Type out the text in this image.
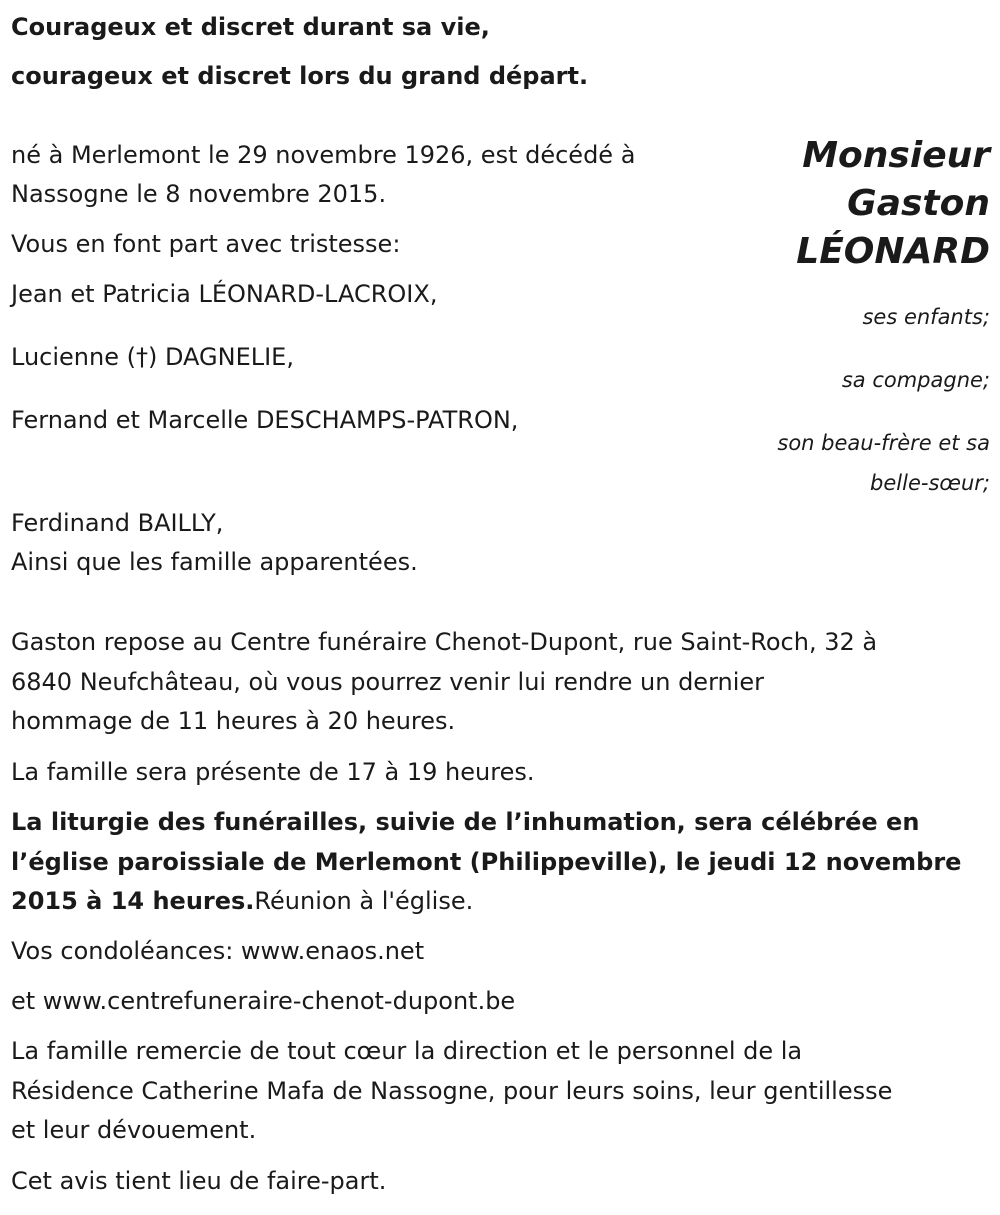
Courageux et discret durant sa vie,

courageux et discret lors du grand départ.

Monsieur
Gaston
LÉONARD

né à Merlemont le 29 novembre 1926, est décédé à

Nassogne le 8 novembre 2015.

Vous en font part avec tristesse:

Jean et Patricia LÉONARD-LACROIX,

Lucienne (†) DAGNELIE,

Fernand et Marcelle DESCHAMPS-PATRON,

ses enfants;
sa compagne;
son beau-frère et sa
belle-sœur;

Ferdinand BAILLY,

Ainsi que les famille apparentées.

Gaston repose au Centre funéraire Chenot-Dupont, rue Saint-Roch, 32 à

6840 Neufchâteau, où vous pourrez venir lui rendre un dernier

hommage de 11 heures à 20 heures.

La famille sera présente de 17 à 19 heures.

La liturgie des funérailles, suivie de l’inhumation, sera célébrée en

l’église paroissiale de Merlemont (Philippeville), le jeudi 12 novembre

2015 à 14 heures.Réunion à l'église.

Vos condoléances: www.enaos.net

et www.centrefuneraire-chenot-dupont.be

La famille remercie de tout cœur la direction et le personnel de la

Résidence Catherine Mafa de Nassogne, pour leurs soins, leur gentillesse

et leur dévouement.

Cet avis tient lieu de faire-part.
